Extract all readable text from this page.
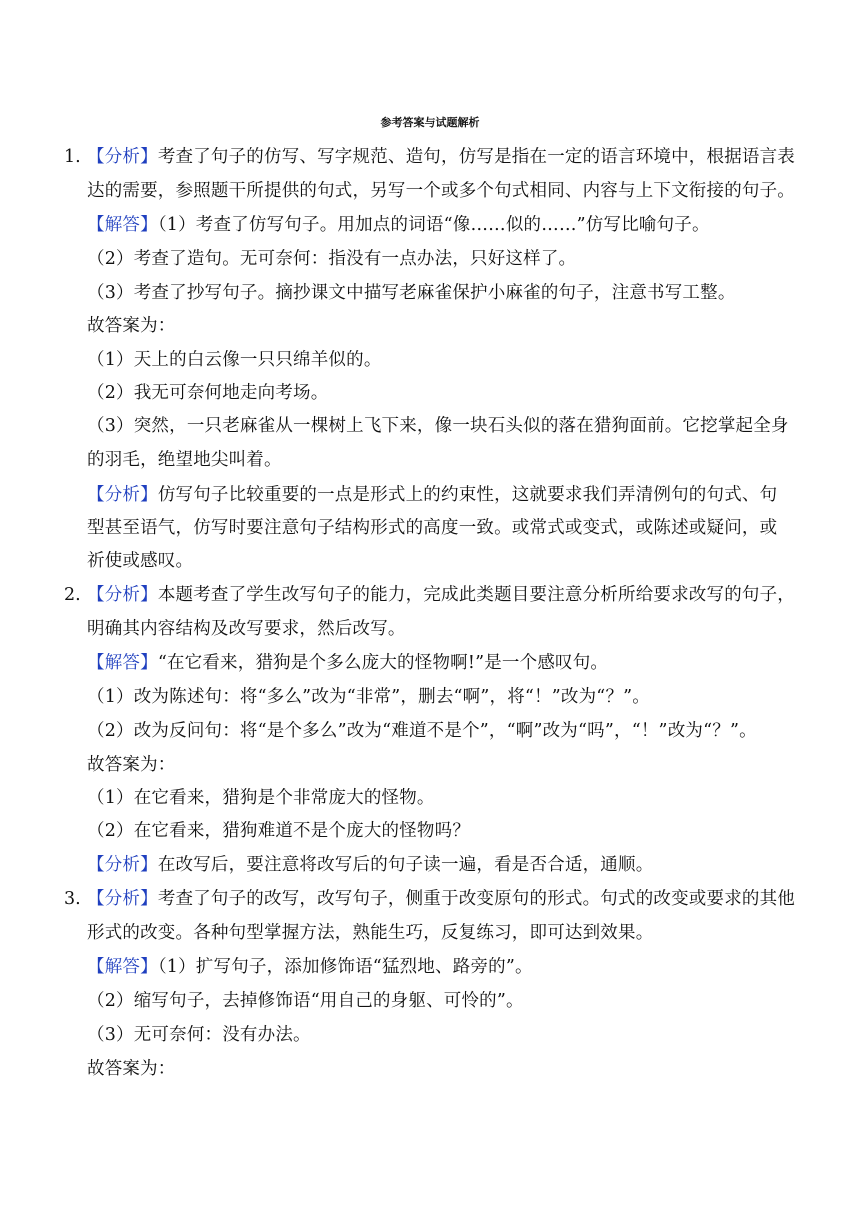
参考答案与试题解析
1. 【分析】考查了句子的仿写、写字规范、造句，仿写是指在一定的语言环境中，根据语言表
达的需要，参照题干所提供的句式，另写一个或多个句式相同、内容与上下文衔接的句子。
【解答】（1）考查了仿写句子。用加点的词语“像……似的……”仿写比喻句子。
（2）考查了造句。无可奈何：指没有一点办法，只好这样了。
（3）考查了抄写句子。摘抄课文中描写老麻雀保护小麻雀的句子，注意书写工整。
故答案为：
（1）天上的白云像一只只绵羊似的。
（2）我无可奈何地走向考场。
（3）突然，一只老麻雀从一棵树上飞下来，像一块石头似的落在猎狗面前。它挖掌起全身
的羽毛，绝望地尖叫着。
【分析】仿写句子比较重要的一点是形式上的约束性，这就要求我们弄清例句的句式、句
型甚至语气，仿写时要注意句子结构形式的高度一致。或常式或变式，或陈述或疑问，或
祈使或感叹。
2. 【分析】本题考查了学生改写句子的能力，完成此类题目要注意分析所给要求改写的句子，
明确其内容结构及改写要求，然后改写。
【解答】“在它看来，猎狗是个多么庞大的怪物啊!”是一个感叹句。
（1）改为陈述句：将“多么”改为“非常”，删去“啊”，将“！”改为“？”。
（2）改为反问句：将“是个多么”改为“难道不是个”，“啊”改为“吗”，“！”改为“？”。
故答案为：
（1）在它看来，猎狗是个非常庞大的怪物。
（2）在它看来，猎狗难道不是个庞大的怪物吗？
【分析】在改写后，要注意将改写后的句子读一遍，看是否合适，通顺。
3. 【分析】考查了句子的改写，改写句子，侧重于改变原句的形式。句式的改变或要求的其他
形式的改变。各种句型掌握方法，熟能生巧，反复练习，即可达到效果。
【解答】（1）扩写句子，添加修饰语“猛烈地、路旁的”。
（2）缩写句子，去掉修饰语“用自己的身躯、可怜的”。
（3）无可奈何：没有办法。
故答案为：
